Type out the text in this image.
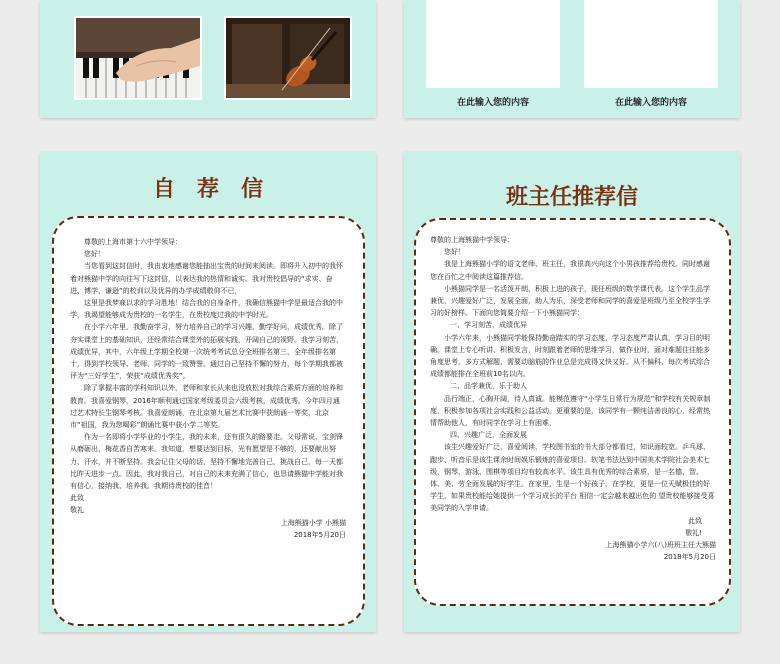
在此输入您的内容	在此输入您的内容
自　荐　信

尊敬的上海市第十六中学领导：

您好！

当您看到这封信时，我由衷地感谢您能抽出宝贵的时间来阅读。即将升入初中的我怀着对熊猫中学的向往写下这封信，以表达我的热情和诚实。我对贵校倡导的“求实、奋进、博学、谦逊”的校训以及优异的办学成绩敬仰不已，

这里是我梦寐以求的学习胜地！结合我的自身条件，我确信熊猫中学是最适合我的中学，我渴望能够成为贵校的一名学生，在贵校度过我的中学时光。

在小学六年里，我勤奋学习，努力培养自己的学习兴趣，勤学好问，成绩优秀。除了夯实课堂上的基础知识，还经常结合课堂外的拓展实践，开阔自己的视野。我学习刻苦，成绩优异，其中，六年级上学期全校第一次统考考试总分全班排名第三，全年级排名第十，得到学校领导、老师、同学的一致赞誉。通过自己坚持不懈的努力，每个学期我都被评为“三好学生”，荣获“成绩优秀奖”。

除了掌握丰富的学科知识以外，老师和家长从来也没放松对我综合素质方面的培养和教育。我喜爱钢琴，2016年顺利通过国家考级委员会六级考核，成绩优秀。今年四月通过艺术特长生钢琴考核。我喜爱朗诵，在北京第九届艺术比赛中获朗诵一等奖，北京市“祖国，我为您喝彩”朗诵比赛中获小学二等奖。

作为一名即将小学毕业的小学生，我的未来，还有很久的路要走。父母常说，宝剑锋从磨砺出，梅花香自苦寒来。我知道，想要达到目标，光有愿望是不够的，还要献出努力、汗水，并不断坚持。我会记住父母的话，坚持不懈地完善自己，挑战自己，每一天都比昨天进步一点。因此，我对我自己，对自己的未来充满了信心，也恳请熊猫中学能对我有信心，接纳我、培养我。我期待贵校的佳音！

此致

敬礼

上海熊猫小学 小熊猫

2018年5月20日

班主任推荐信

尊敬的上海熊猫中学领导：

您好！

我是上海熊猫小学的语文老师、班主任，我很高兴向这个小男孩推荐给贵校。同时感谢您在百忙之中阅读这篇推荐信。

小熊猫同学是一名活泼开朗、积极上进的孩子，现任班级的数学课代表。这个学生品学兼优，兴趣爱好广泛，发展全面，助人为乐，深受老师和同学的喜爱是班级乃至全校学生学习的好榜样。下面向您简要介绍一下小熊猫同学：

一、学习刻苦，成绩优异

小学六年来，小熊猫同学能保持勤奋踏实的学习态度，学习态度严肃认真，学习目的明确。课堂上专心听讲、积极发言，时刻跟着老师的思维学习，做作业时，面对难题往往能多角度思考，多方式解题，需要动脑筋的作业总是完成得又快又好。从不偏科，每次考试综合成绩都能排在全班前10名以内。

二、品学兼优，乐于助人

品行端正，心胸开阔，待人真诚。能模范遵守“小学生日常行为规范”和学校有关规章制度，积极参加各项社会实践和公益活动。更重要的是，该同学有一颗纯洁善良的心，经常热情帮助他人，有时同学在学习上有困难，

四、兴趣广泛，全面发展

该生兴趣爱好广泛，喜爱阅读，学校图书室的书大部分都看过，知识面较宽。乒乓球、跑步、听音乐是该生课余时间娱乐锻炼的喜爱项目。软笔书法达到中国美术学院社会美术七级，钢琴、游泳、围棋等项目均有较高水平。该生具有优秀的综合素质，是一名德、智、体、美、劳全面发展的好学生。在家里，生是一个好孩子，在学校，更是一位天赋极佳的好学生，如果贵校能给她提供一个学习成长的平台 相信一定会越来越出色的 望贵校能够接受喜美同学的入学申请。

此致

敬礼!

上海熊猫小学六(八)班班主任大熊猫

2018年5月20日
